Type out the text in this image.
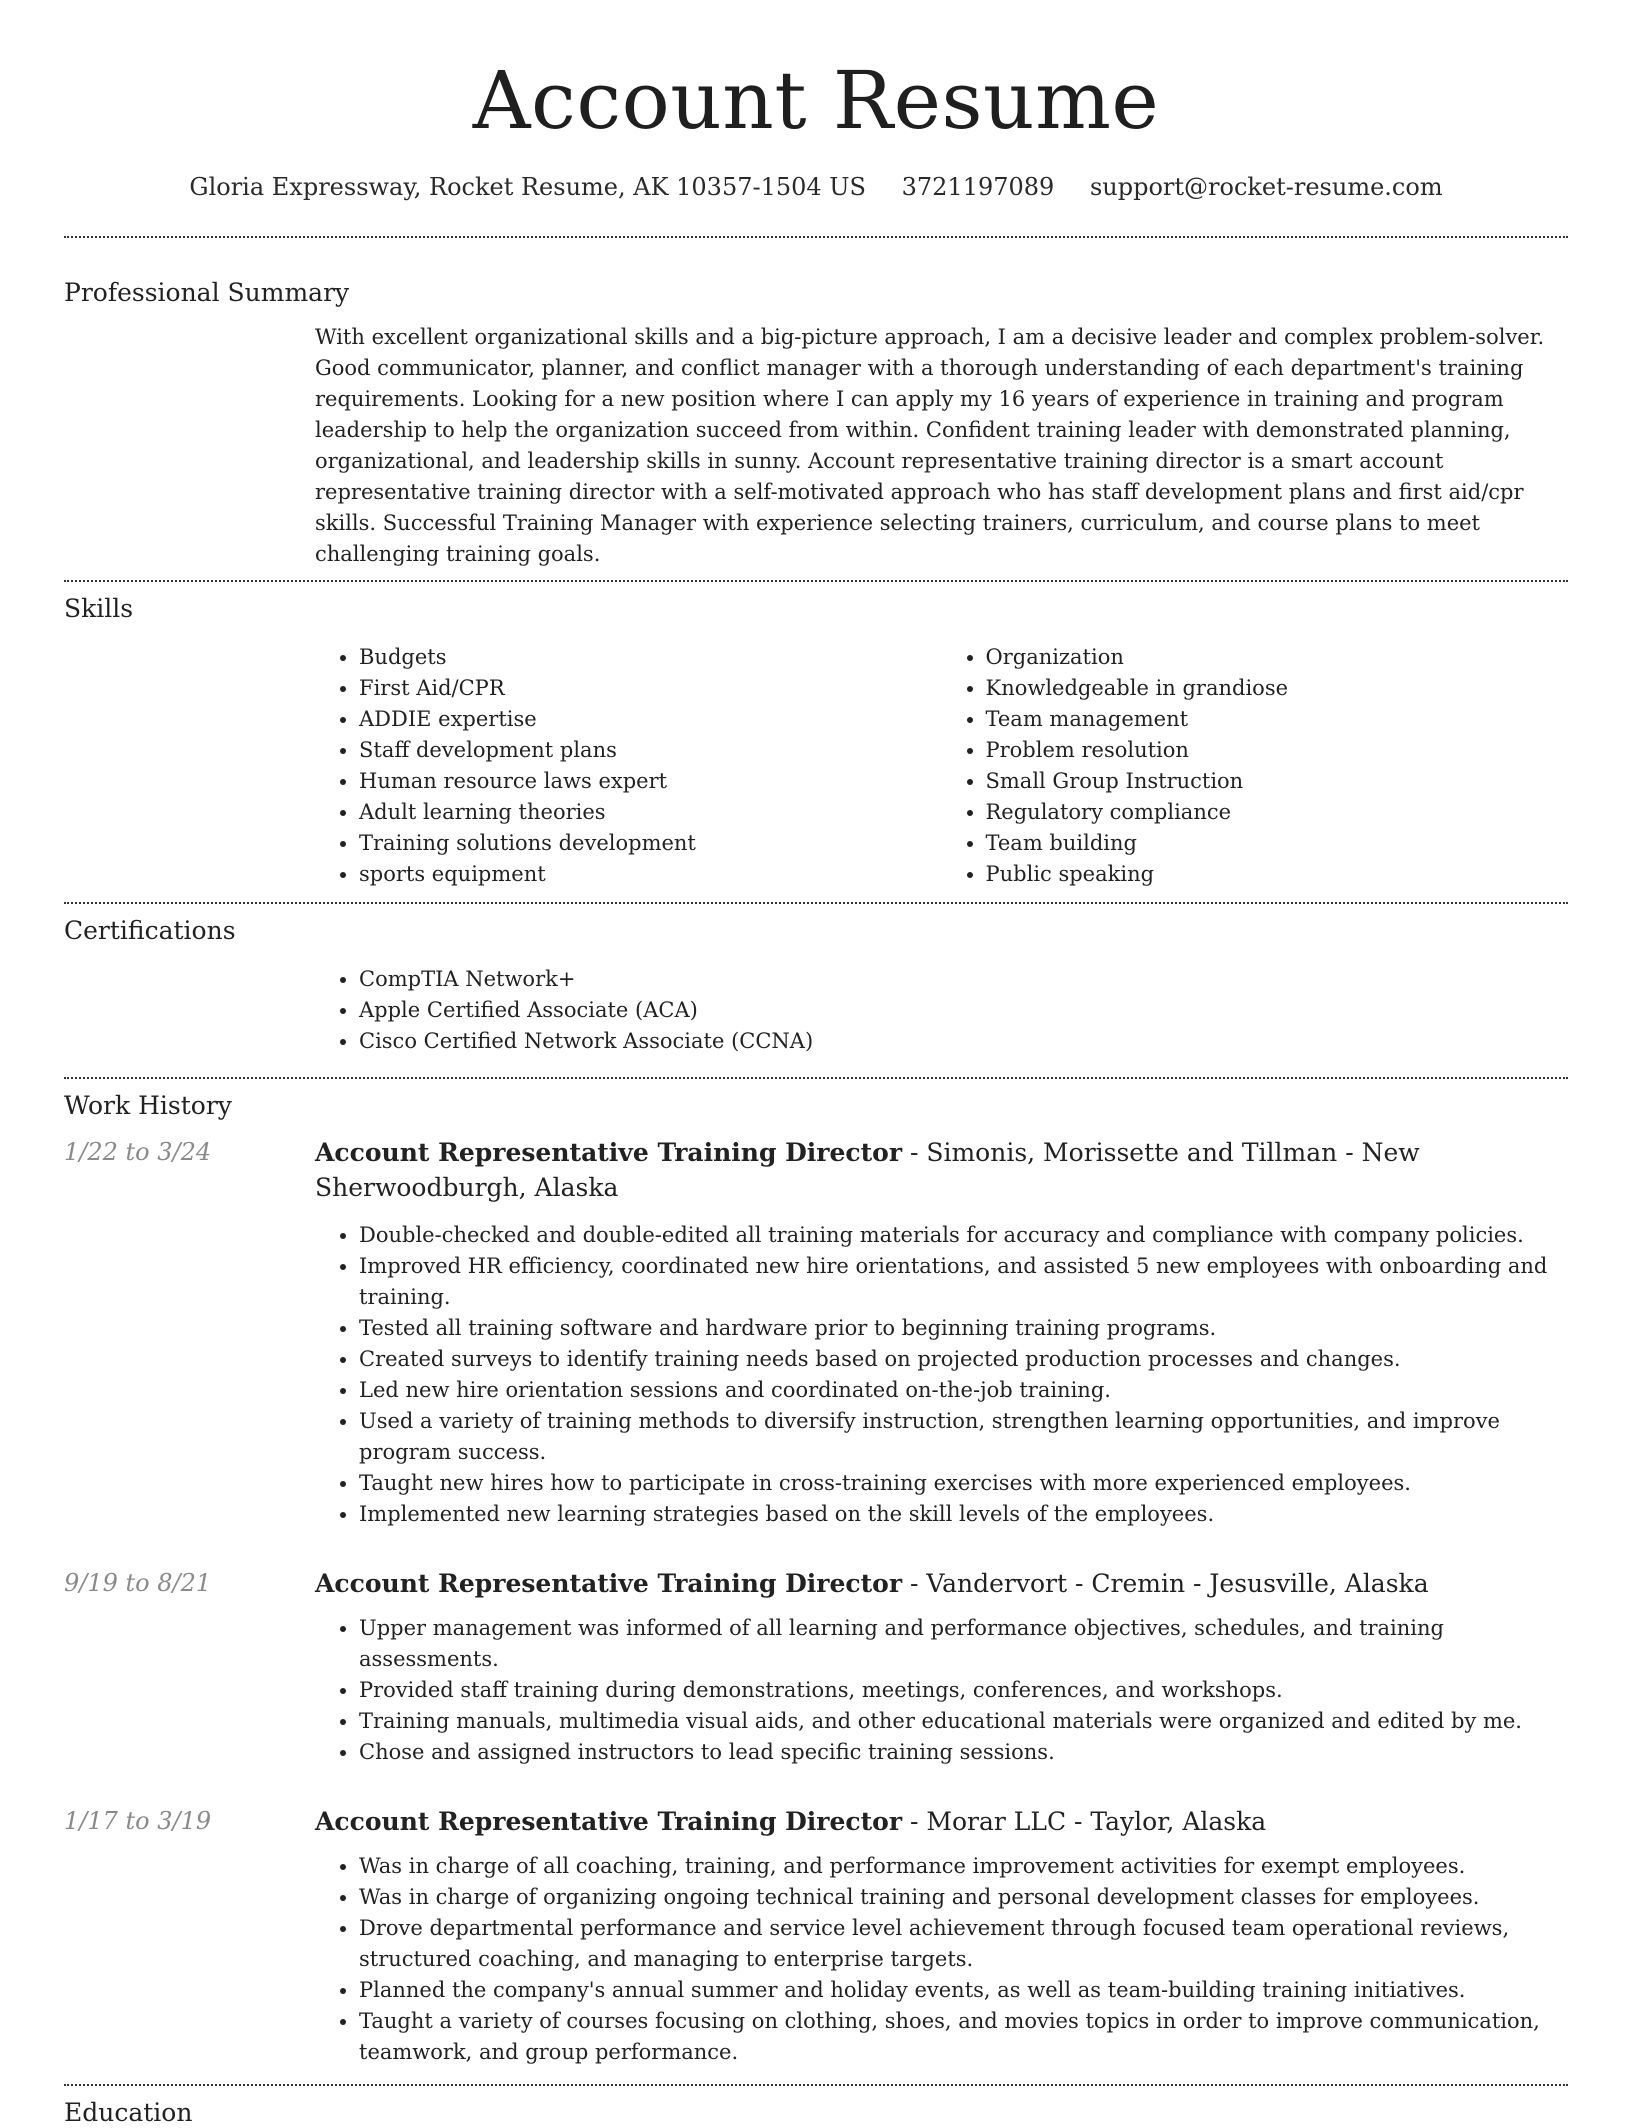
Account Resume
Gloria Expressway, Rocket Resume, AK 10357-1504 US 3721197089 support@rocket-resume.com
Professional Summary

With excellent organizational skills and a big-picture approach, I am a decisive leader and complex problem-solver. Good communicator, planner, and conflict manager with a thorough understanding of each department's training requirements. Looking for a new position where I can apply my 16 years of experience in training and program leadership to help the organization succeed from within. Confident training leader with demonstrated planning, organizational, and leadership skills in sunny. Account representative training director is a smart account representative training director with a self-motivated approach who has staff development plans and first aid/cpr skills. Successful Training Manager with experience selecting trainers, curriculum, and course plans to meet challenging training goals.

Skills
• Budgets
• First Aid/CPR
• ADDIE expertise
• Staff development plans
• Human resource laws expert
• Adult learning theories
• Training solutions development
• sports equipment
• Organization
• Knowledgeable in grandiose
• Team management
• Problem resolution
• Small Group Instruction
• Regulatory compliance
• Team building
• Public speaking
Certifications
• CompTIA Network+
• Apple Certified Associate (ACA)
• Cisco Certified Network Associate (CCNA)
Work History
1/22 to 3/24	Account Representative Training Director - Simonis, Morissette and Tillman - New Sherwoodburgh, Alaska

• Double-checked and double-edited all training materials for accuracy and compliance with company policies.
• Improved HR efficiency, coordinated new hire orientations, and assisted 5 new employees with onboarding and training.
• Tested all training software and hardware prior to beginning training programs.
• Created surveys to identify training needs based on projected production processes and changes.
• Led new hire orientation sessions and coordinated on-the-job training.
• Used a variety of training methods to diversify instruction, strengthen learning opportunities, and improve program success.
• Taught new hires how to participate in cross-training exercises with more experienced employees.
• Implemented new learning strategies based on the skill levels of the employees.
9/19 to 8/21	Account Representative Training Director - Vandervort - Cremin - Jesusville, Alaska

• Upper management was informed of all learning and performance objectives, schedules, and training assessments.
• Provided staff training during demonstrations, meetings, conferences, and workshops.
• Training manuals, multimedia visual aids, and other educational materials were organized and edited by me.
• Chose and assigned instructors to lead specific training sessions.
1/17 to 3/19	Account Representative Training Director - Morar LLC - Taylor, Alaska

• Was in charge of all coaching, training, and performance improvement activities for exempt employees.
• Was in charge of organizing ongoing technical training and personal development classes for employees.
• Drove departmental performance and service level achievement through focused team operational reviews, structured coaching, and managing to enterprise targets.
• Planned the company's annual summer and holiday events, as well as team-building training initiatives.
• Taught a variety of courses focusing on clothing, shoes, and movies topics in order to improve communication, teamwork, and group performance.
Education
